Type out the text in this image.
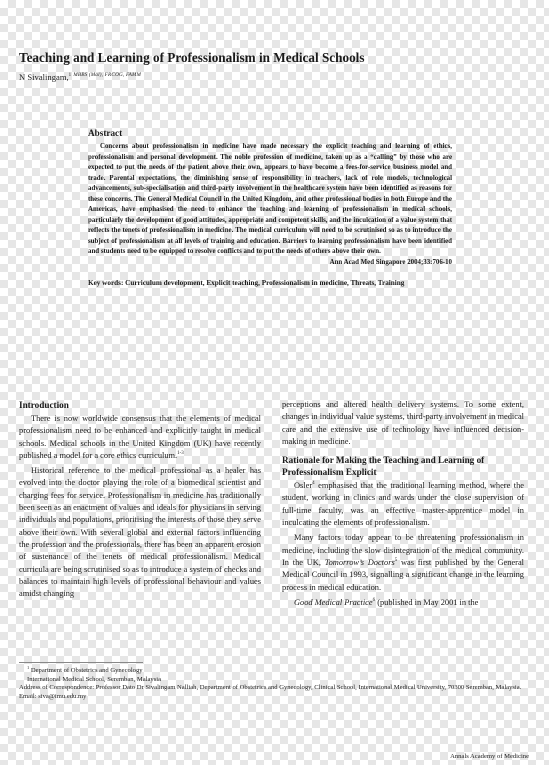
Teaching and Learning of Professionalism in Medical Schools
N Sivalingam,$^1$ $^{MBBS (Mal), FRCOG, FAMM}$
Abstract

Concerns about professionalism in medicine have made necessary the explicit teaching and learning of ethics, professionalism and personal development. The noble profession of medicine, taken up as a “calling” by those who are expected to put the needs of the patient above their own, appears to have become a fees-for-service business model and trade. Parental expectations, the diminishing sense of responsibility in teachers, lack of role models, technological advancements, sub-specialisation and third-party involvement in the healthcare system have been identified as reasons for these concerns. The General Medical Council in the United Kingdom, and other professional bodies in both Europe and the Americas, have emphasised the need to enhance the teaching and learning of professionalism in medical schools, particularly the development of good attitudes, appropriate and competent skills, and the inculcation of a value system that reflects the tenets of professionalism in medicine. The medical curriculum will need to be scrutinised so as to introduce the subject of professionalism at all levels of training and education. Barriers to learning professionalism have been identified and students need to be equipped to resolve conflicts and to put the needs of others above their own.

Ann Acad Med Singapore 2004;33:706-10

Key words: Curriculum development, Explicit teaching, Professionalism in medicine, Threats, Training

Introduction

There is now worldwide consensus that the elements of medical professionalism need to be enhanced and explicitly taught in medical schools. Medical schools in the United Kingdom (UK) have recently published a model for a core ethics curriculum.$^{1-3}$

Historical reference to the medical professional as a healer has evolved into the doctor playing the role of a biomedical scientist and charging fees for service. Professionalism in medicine has traditionally been seen as an enactment of values and ideals for physicians in serving individuals and populations, prioritising the interests of those they serve above their own. With several global and external factors influencing the profession and the professionals, there has been an apparent erosion of sustenance of the tenets of medical professionalism. Medical curricula are being scrutinised so as to introduce a system of checks and balances to maintain high levels of professional behaviour and values amidst changing

perceptions and altered health delivery systems. To some extent, changes in individual value systems, third-party involvement in medical care and the extensive use of technology have influenced decision-making in medicine.

Rationale for Making the Teaching and Learning of Professionalism Explicit

Osler$^4$ emphasised that the traditional learning method, where the student, working in clinics and wards under the close supervision of full-time faculty, was an effective master-apprentice model in inculcating the elements of professionalism.

Many factors today appear to be threatening professionalism in medicine, including the slow disintegration of the medical community. In the UK, Tomorrow’s Doctors$^5$ was first published by the General Medical Council in 1993, signalling a significant change in the learning process in medical education.

Good Medical Practice$^6$ (published in May 2001 in the

$^1$ Department of Obstetrics and Gynecology

International Medical School, Seremban, Malaysia

Address of Correspondence: Professor Dato Dr Sivalingam Nalliah, Department of Obstetrics and Gynecology, Clinical School, International Medical University, 70300 Seremban, Malaysia.

Email: siva@imu.edu.my

Annals Academy of Medicine
